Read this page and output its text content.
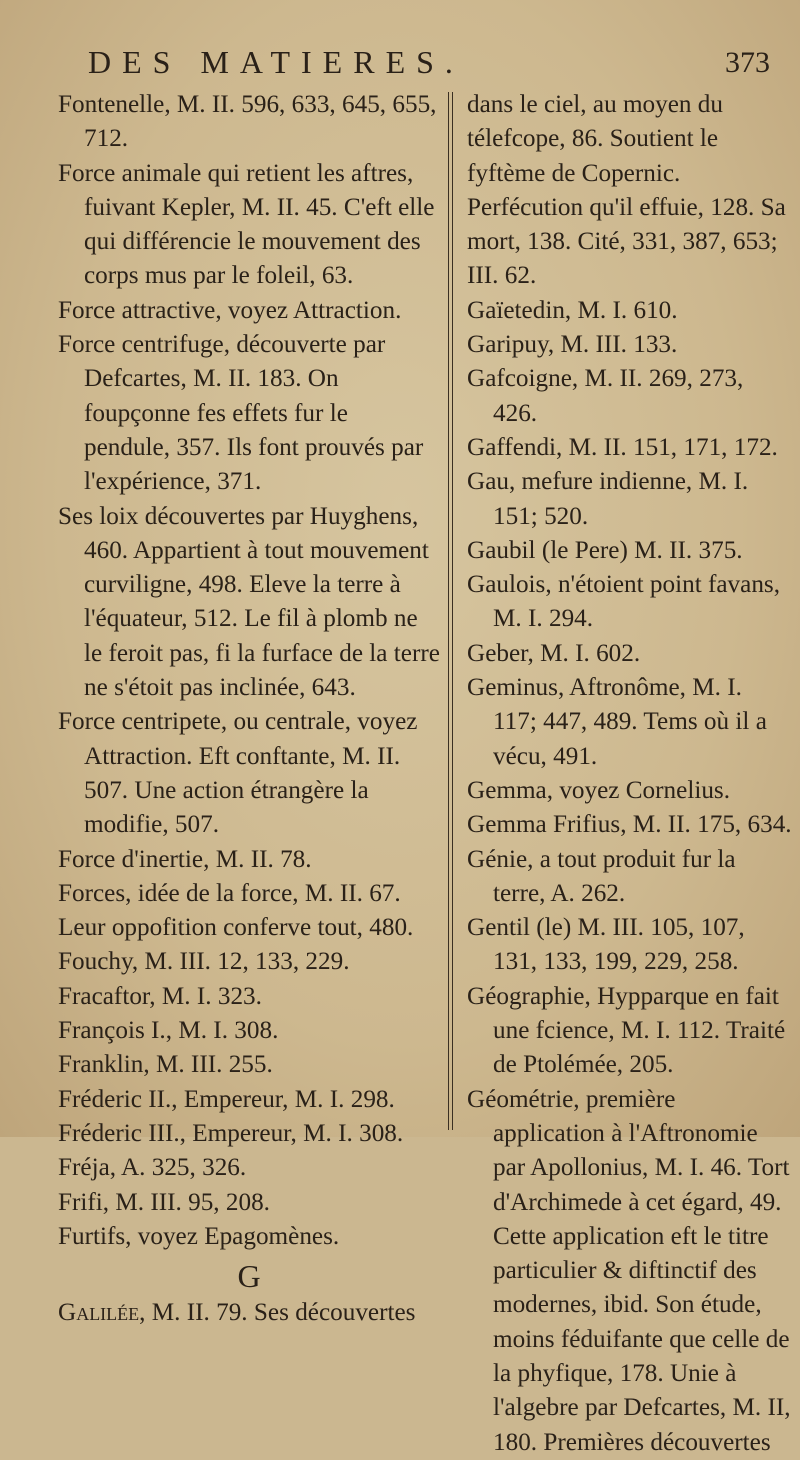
DES MATIERES.	373

Fontenelle, M. II. 596, 633, 645, 655, 712.

Force animale qui retient les aftres, fuivant Kepler, M. II. 45. C'eft elle qui différencie le mouvement des corps mus par le foleil, 63.

Force attractive, voyez Attraction.

Force centrifuge, découverte par Defcartes, M. II. 183. On foupçonne fes effets fur le pendule, 357. Ils font prouvés par l'expérience, 371.

Ses loix découvertes par Huyghens, 460. Appartient à tout mouvement curviligne, 498. Eleve la terre à l'équateur, 512. Le fil à plomb ne le feroit pas, fi la furface de la terre ne s'étoit pas inclinée, 643.

Force centripete, ou centrale, voyez Attraction. Eft conftante, M. II. 507. Une action étrangère la modifie, 507.

Force d'inertie, M. II. 78.

Forces, idée de la force, M. II. 67.

Leur oppofition conferve tout, 480.

Fouchy, M. III. 12, 133, 229.

Fracaftor, M. I. 323.

François I., M. I. 308.

Franklin, M. III. 255.

Fréderic II., Empereur, M. I. 298.

Fréderic III., Empereur, M. I. 308.

Fréja, A. 325, 326.

Frifi, M. III. 95, 208.

Furtifs, voyez Epagomènes.

G

Galilée, M. II. 79. Ses découvertes

dans le ciel, au moyen du télefcope, 86. Soutient le fyftème de Copernic. Perfécution qu'il effuie, 128. Sa mort, 138. Cité, 331, 387, 653; III. 62.

Gaïetedin, M. I. 610.

Garipuy, M. III. 133.

Gafcoigne, M. II. 269, 273, 426.

Gaffendi, M. II. 151, 171, 172.

Gau, mefure indienne, M. I. 151; 520.

Gaubil (le Pere) M. II. 375.

Gaulois, n'étoient point favans, M. I. 294.

Geber, M. I. 602.

Geminus, Aftronôme, M. I. 117; 447, 489. Tems où il a vécu, 491.

Gemma, voyez Cornelius.

Gemma Frifius, M. II. 175, 634.

Génie, a tout produit fur la terre, A. 262.

Gentil (le) M. III. 105, 107, 131, 133, 199, 229, 258.

Géographie, Hypparque en fait une fcience, M. I. 112. Traité de Ptolémée, 205.

Géométrie, première application à l'Aftronomie par Apollonius, M. I. 46. Tort d'Archimede à cet égard, 49. Cette application eft le titre particulier & diftinctif des modernes, ibid. Son étude, moins féduifante que celle de la phyfique, 178. Unie à l'algebre par Defcartes, M. II, 180. Premières découvertes
